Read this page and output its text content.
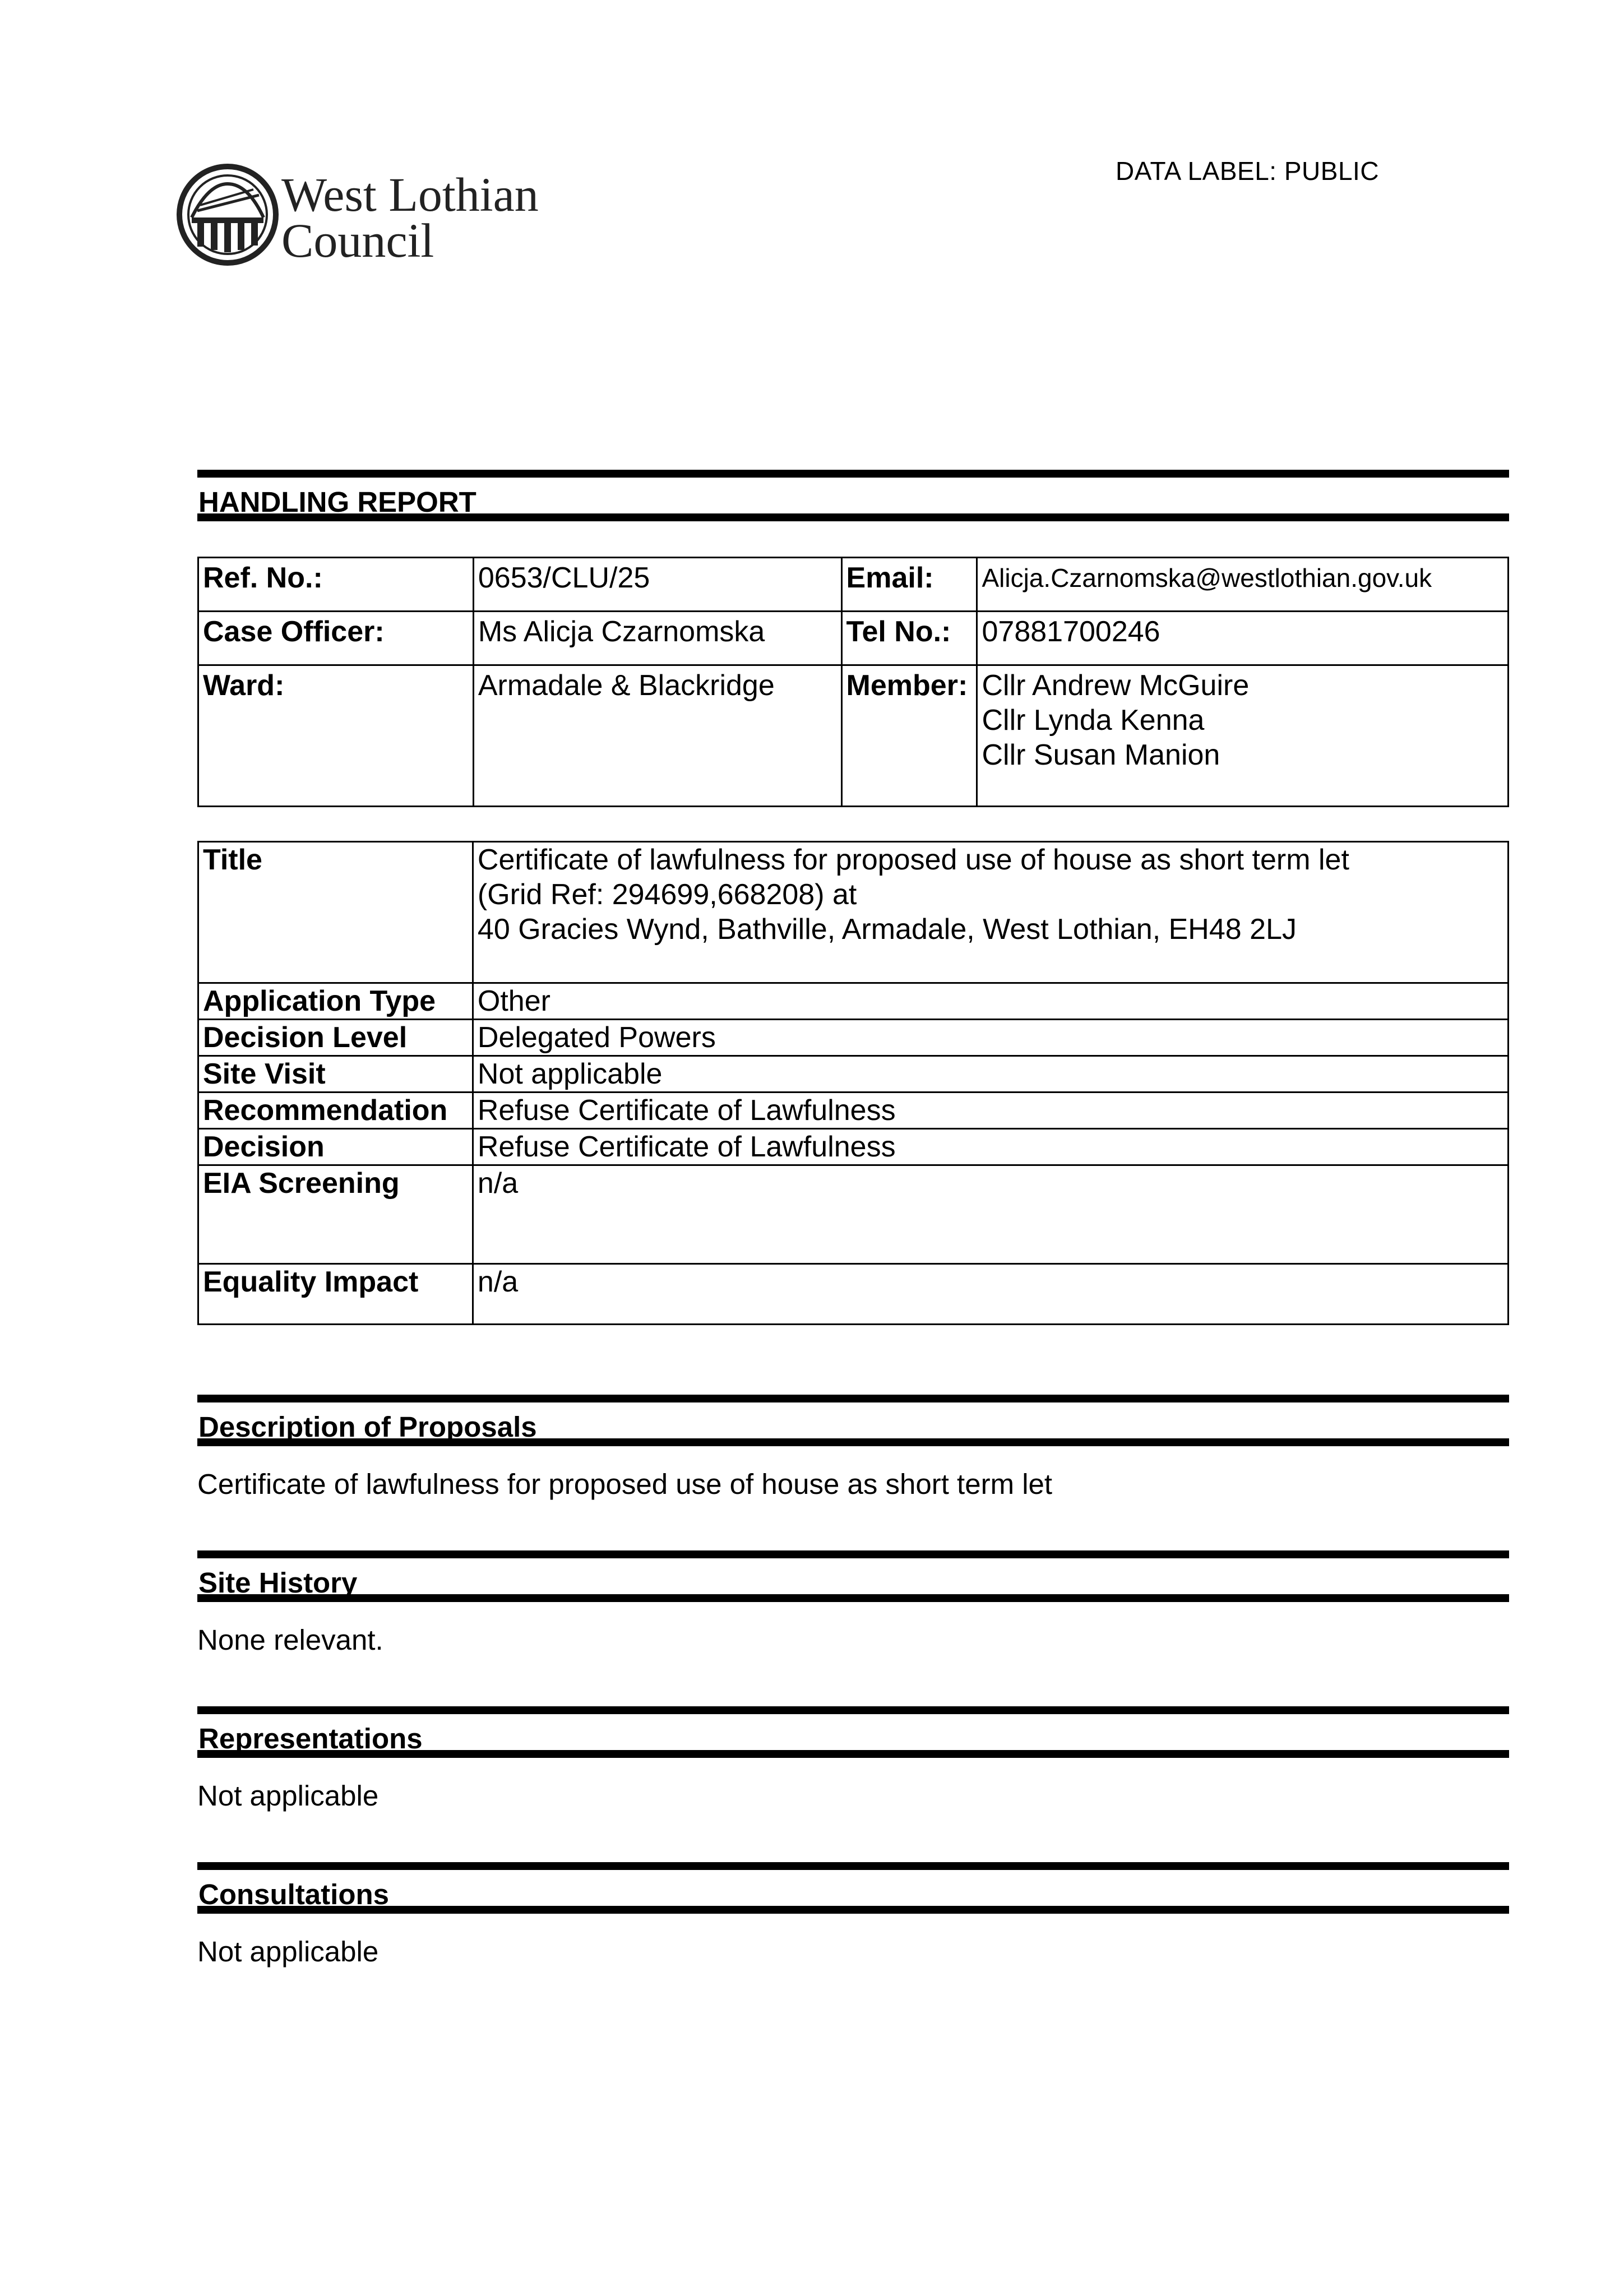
West Lothian
Council
DATA LABEL: PUBLIC
HANDLING REPORT
Ref. No.:	0653/CLU/25	Email:	Alicja.Czarnomska@westlothian.gov.uk
Case Officer:	Ms Alicja Czarnomska	Tel No.:	07881700246
Ward:	Armadale & Blackridge	Member:	Cllr Andrew McGuire
Cllr Lynda Kenna
Cllr Susan Manion
Title	Certificate of lawfulness for proposed use of house as short term let
(Grid Ref: 294699,668208) at
40 Gracies Wynd, Bathville, Armadale, West Lothian, EH48 2LJ

Application Type	Other
Decision Level	Delegated Powers
Site Visit	Not applicable
Recommendation	Refuse Certificate of Lawfulness
Decision	Refuse Certificate of Lawfulness
EIA Screening	n/a
Equality Impact	n/a
Description of Proposals
Certificate of lawfulness for proposed use of house as short term let
Site History
None relevant.
Representations
Not applicable
Consultations
Not applicable
